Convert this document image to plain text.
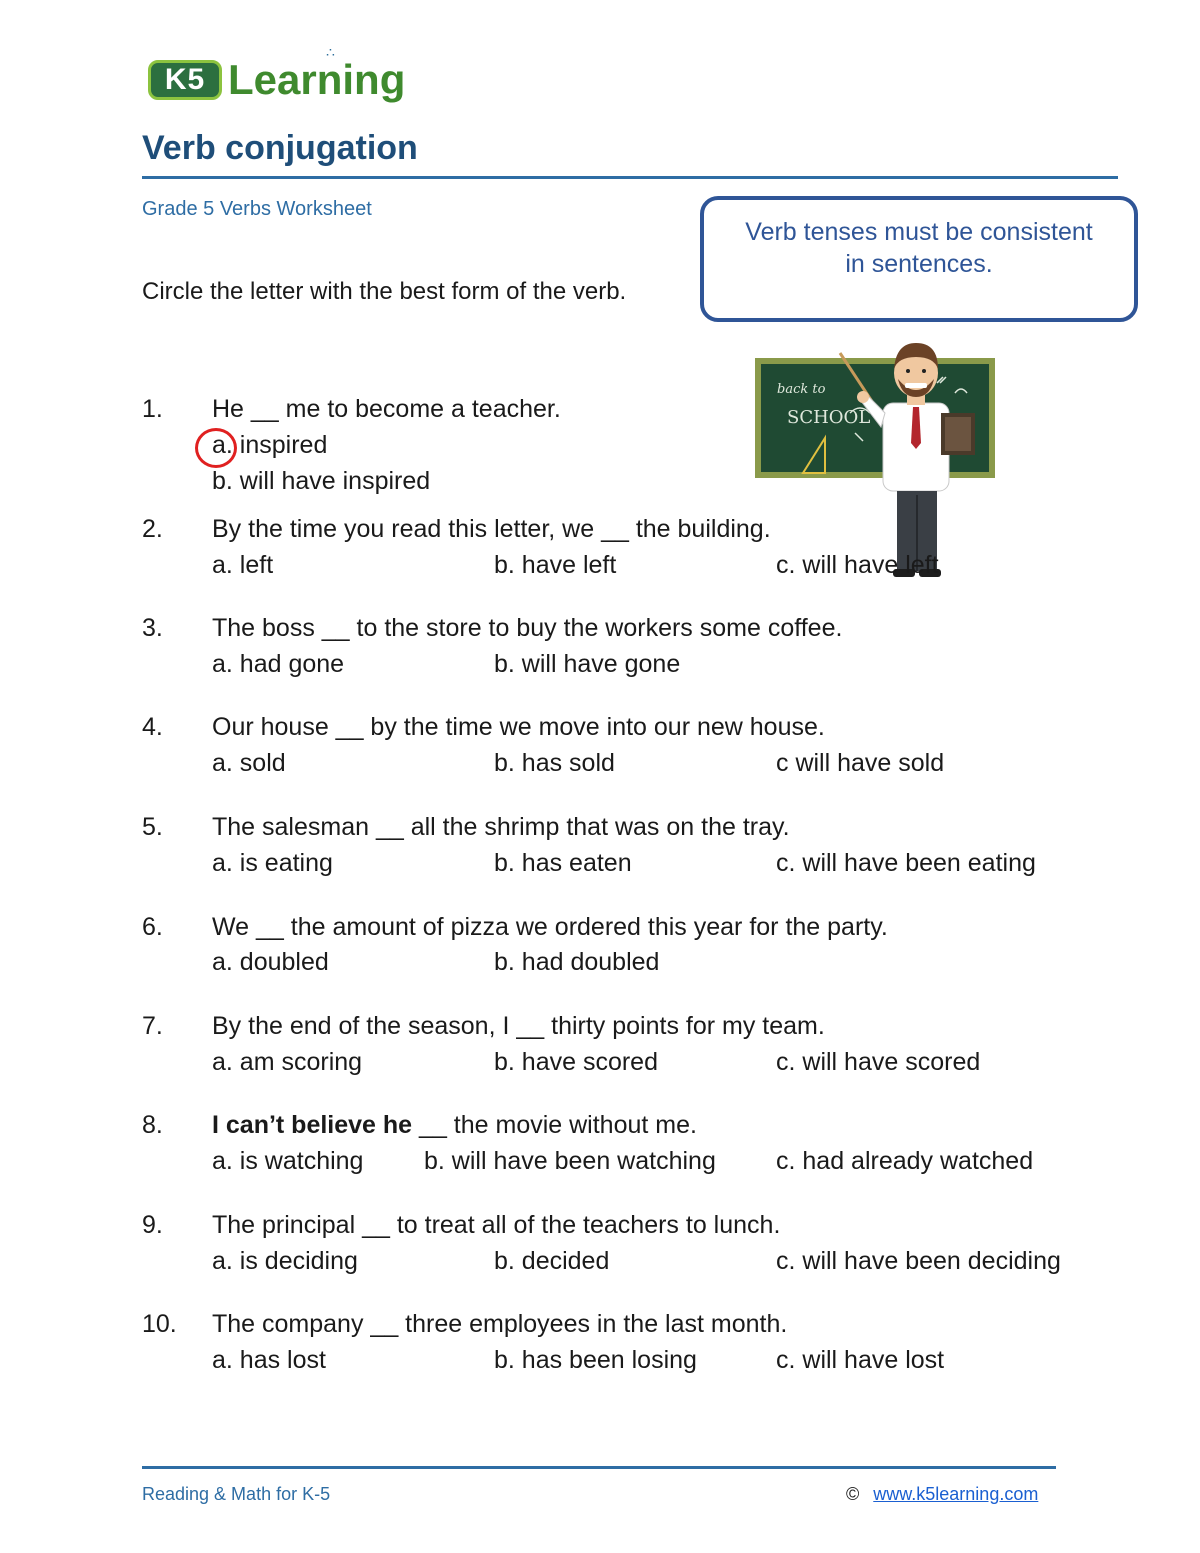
K5 Learning
∴
Verb conjugation
Grade 5 Verbs Worksheet
Circle the letter with the best form of the verb.
Verb tenses must be consistent
in sentences.
back to
SCHOOL
1. He __ me to become a teacher.
a. inspired
b. will have inspired
2. By the time you read this letter, we __ the building.
a. left	b. have left	c. will have left
3. The boss __ to the store to buy the workers some coffee.
a. had gone	b. will have gone
4. Our house __ by the time we move into our new house.
a. sold	b. has sold	c will have sold
5. The salesman __ all the shrimp that was on the tray.
a. is eating	b. has eaten	c. will have been eating
6. We __ the amount of pizza we ordered this year for the party.
a. doubled	b. had doubled
7. By the end of the season, I __ thirty points for my team.
a. am scoring	b. have scored	c. will have scored
8. I can’t believe he __ the movie without me.
a. is watching b. will have been watching c. had already watched
9. The principal __ to treat all of the teachers to lunch.
a. is deciding	b. decided	c. will have been deciding
10. The company __ three employees in the last month.
a. has lost	b. has been losing	c. will have lost
Reading & Math for K-5	© www.k5learning.com
